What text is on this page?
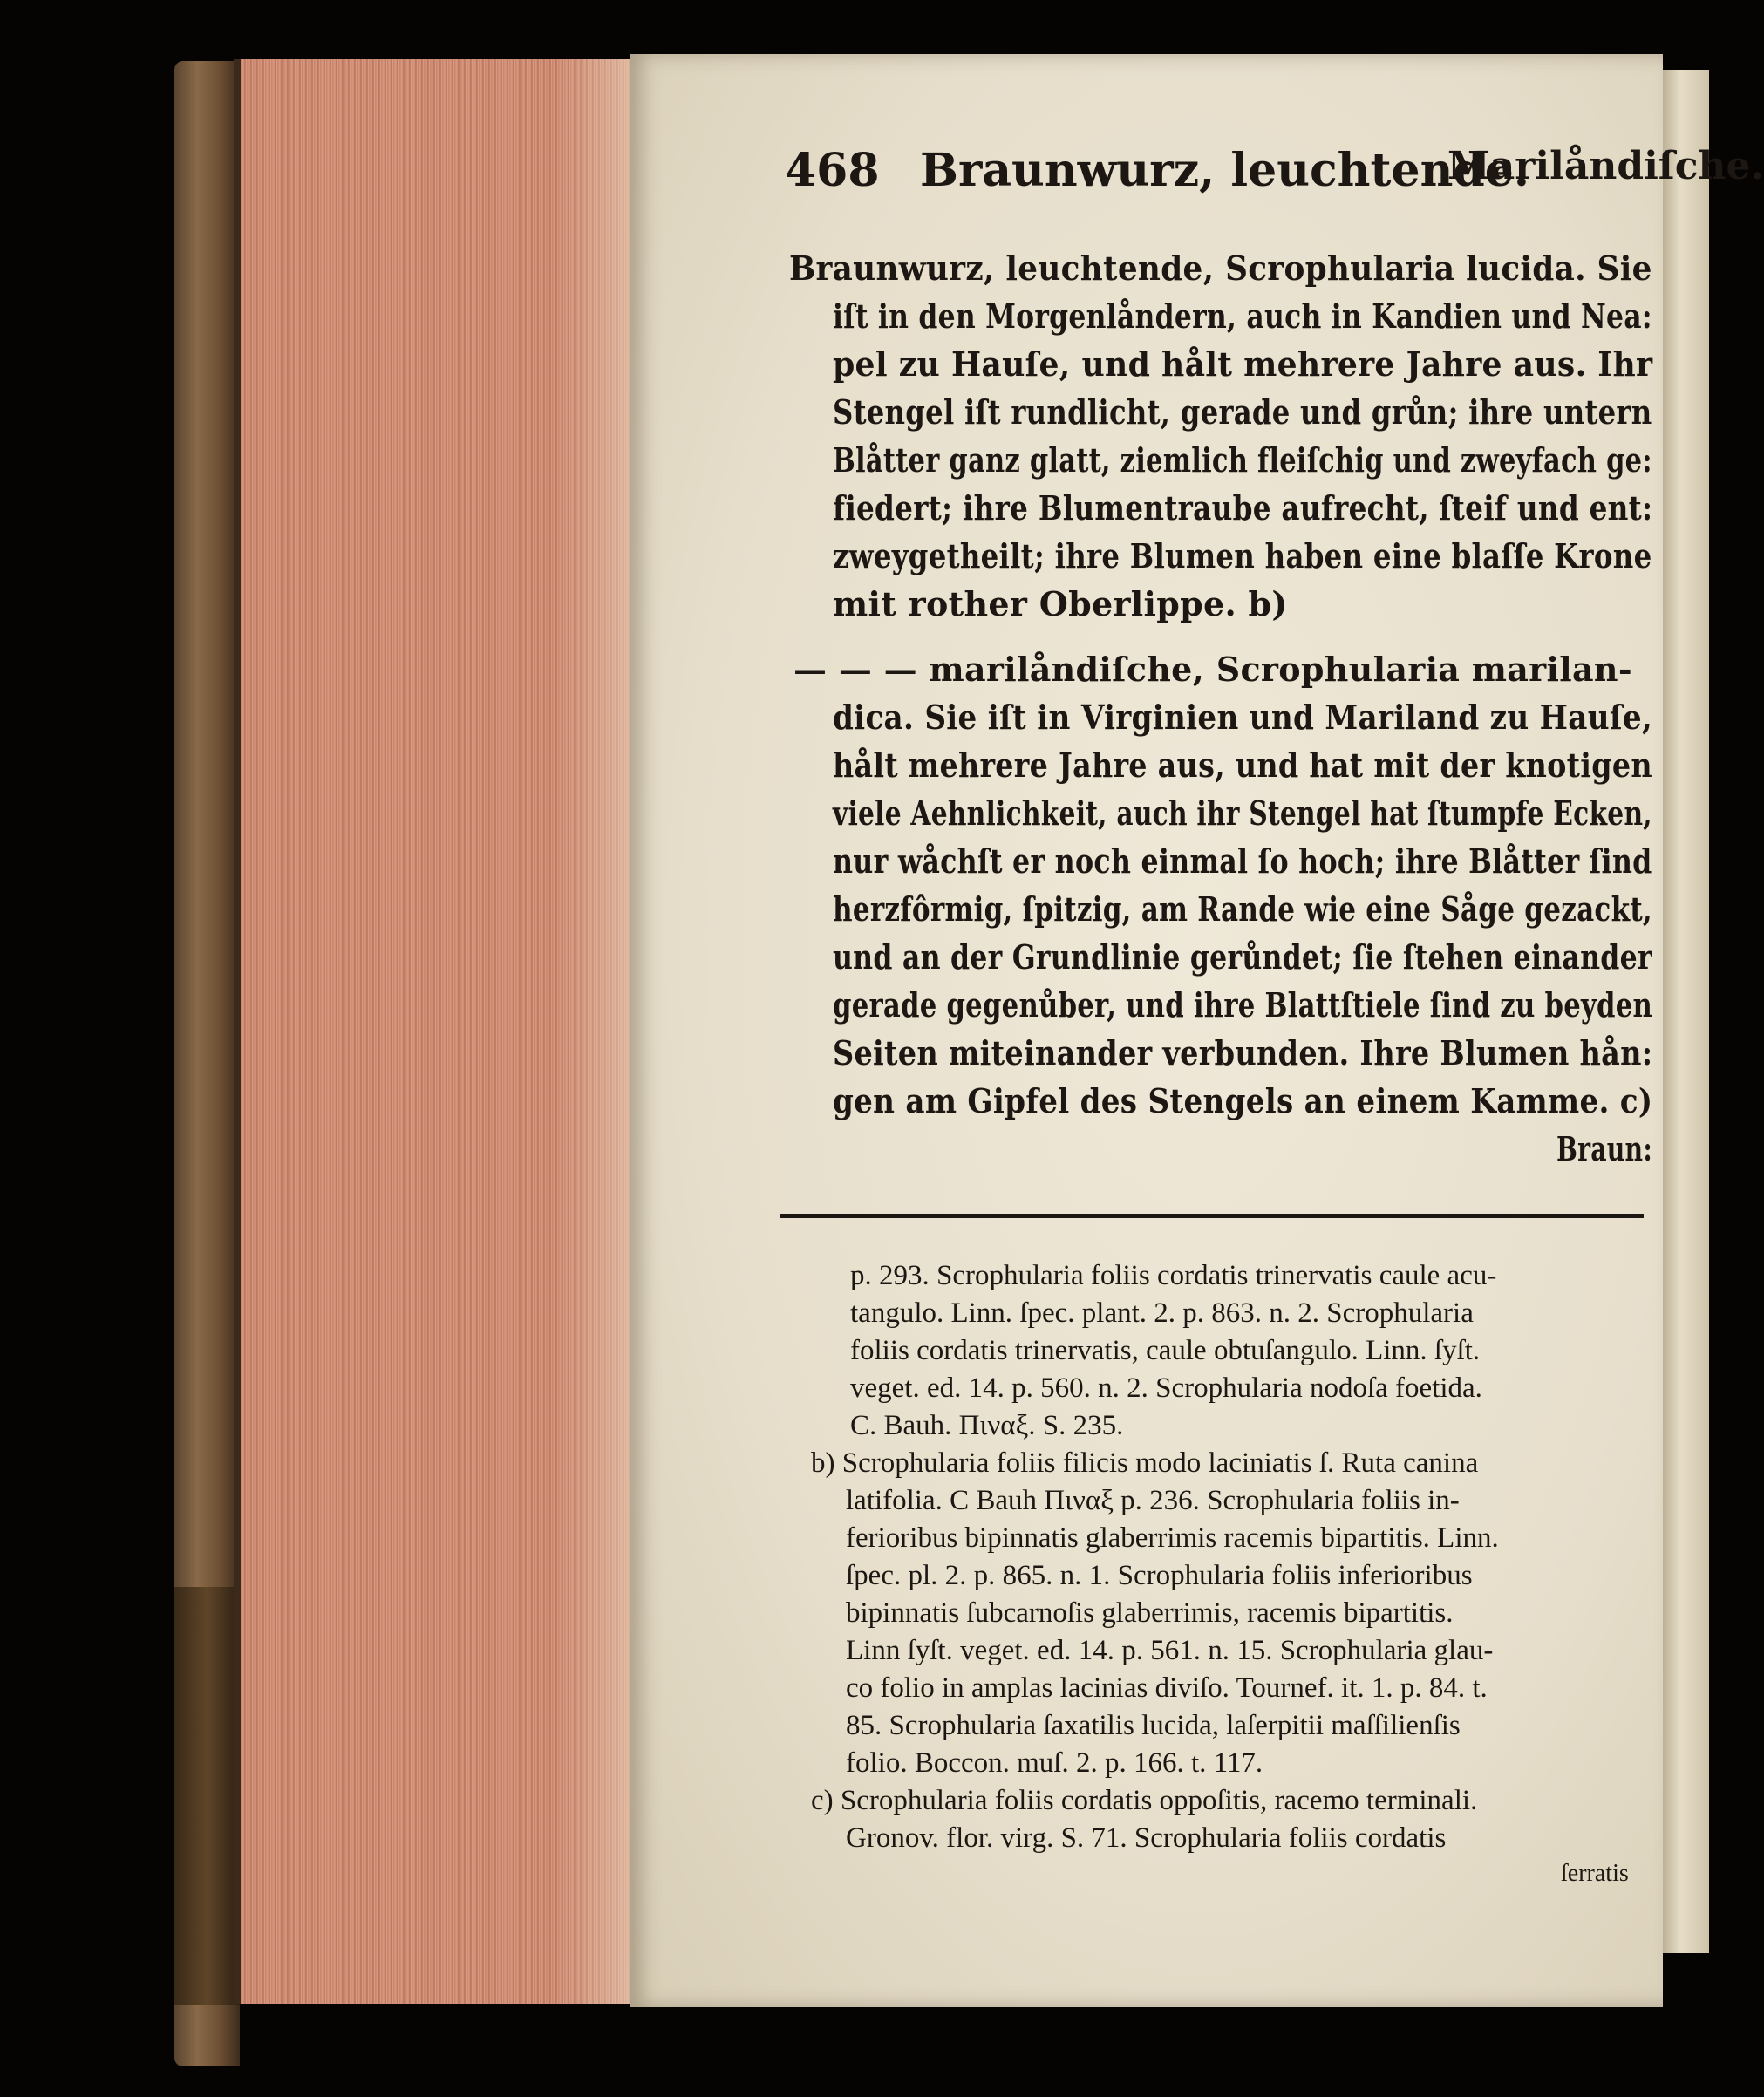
468 Braunwurz, leuchtende.
Marilåndiſche.
Braunwurz, leuchtende, Scrophularia lucida. Sie
iſt in den Morgenlåndern, auch in Kandien und Nea:
pel zu Hauſe, und hålt mehrere Jahre aus. Ihr
Stengel iſt rundlicht, gerade und grůn; ihre untern
Blåtter ganz glatt, ziemlich fleiſchig und zweyfach ge:
fiedert; ihre Blumentraube aufrecht, ſteif und ent:
zweygetheilt; ihre Blumen haben eine blaſſe Krone
mit rother Oberlippe. b)
— — — marilåndiſche, Scrophularia marilan-
dica. Sie iſt in Virginien und Mariland zu Hauſe,
hålt mehrere Jahre aus, und hat mit der knotigen
viele Aehnlichkeit, auch ihr Stengel hat ſtumpfe Ecken,
nur wåchſt er noch einmal ſo hoch; ihre Blåtter ſind
herzfôrmig, ſpitzig, am Rande wie eine Såge gezackt,
und an der Grundlinie gerůndet; ſie ſtehen einander
gerade gegenůber, und ihre Blattſtiele ſind zu beyden
Seiten miteinander verbunden. Ihre Blumen hån:
gen am Gipfel des Stengels an einem Kamme. c)
Braun:
p. 293. Scrophularia foliis cordatis trinervatis caule acu-
tangulo. Linn. ſpec. plant. 2. p. 863. n. 2. Scrophularia
foliis cordatis trinervatis, caule obtuſangulo. Linn. ſyſt.
veget. ed. 14. p. 560. n. 2. Scrophularia nodoſa foetida.
C. Bauh. Πιναξ. S. 235.
b) Scrophularia foliis filicis modo laciniatis ſ. Ruta canina
latifolia. C Bauh Πιναξ p. 236. Scrophularia foliis in-
ferioribus bipinnatis glaberrimis racemis bipartitis. Linn.
ſpec. pl. 2. p. 865. n. 1. Scrophularia foliis inferioribus
bipinnatis ſubcarnoſis glaberrimis, racemis bipartitis.
Linn ſyſt. veget. ed. 14. p. 561. n. 15. Scrophularia glau-
co folio in amplas lacinias diviſo. Tournef. it. 1. p. 84. t.
85. Scrophularia ſaxatilis lucida, laſerpitii maſſilienſis
folio. Boccon. muſ. 2. p. 166. t. 117.
c) Scrophularia foliis cordatis oppoſitis, racemo terminali.
Gronov. flor. virg. S. 71. Scrophularia foliis cordatis
ſerratis
